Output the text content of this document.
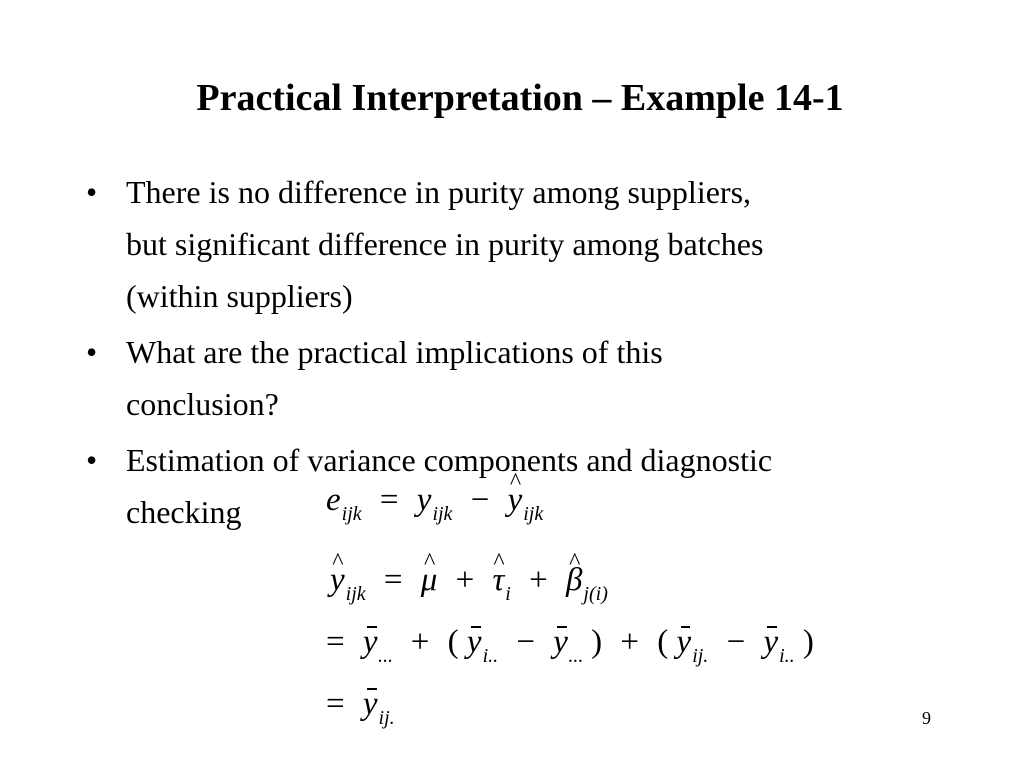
Practical Interpretation – Example 14-1
• There is no difference in purity among suppliers,
but significant difference in purity among batches
(within suppliers)
• What are the practical implications of this
conclusion?
• Estimation of variance components and diagnostic
checking	$e_{ijk} = y_{ijk}$ − ^ $y_{ijk}$
^ $y_{ijk}$ = ^ μ + ^ $\tau_i$ + ^ $\beta_{j(i)}$
= $y_{...}$ + ( $y_{i..} - y_{...}$ ) + ( $y_{ij.} - y_{i..}$ )
= $y_{ij.}$	9
